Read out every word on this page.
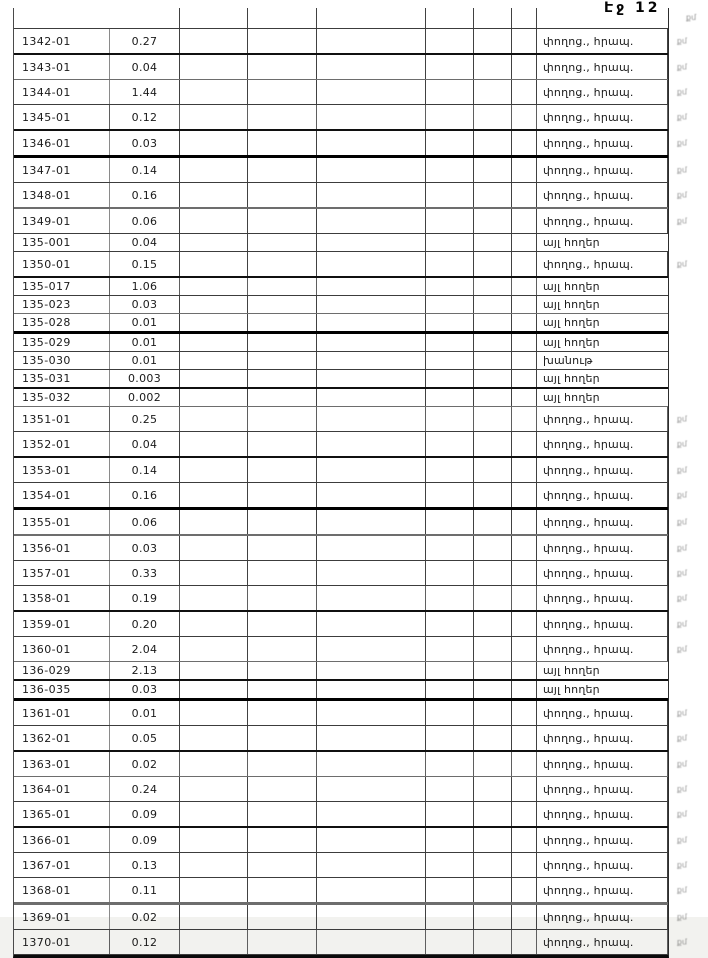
Էջ 12
քմ
1342-01	0.27	փողոց., հրապ.	քմ
1343-01	0.04	փողոց., հրապ.	քմ
1344-01	1.44	փողոց., հրապ.	քմ
1345-01	0.12	փողոց., հրապ.	քմ
1346-01	0.03	փողոց., հրապ.	քմ
1347-01	0.14	փողոց., հրապ.	քմ
1348-01	0.16	փողոց., հրապ.	քմ
1349-01	0.06	փողոց., հրապ.	քմ
135-001	0.04	այլ հողեր
1350-01	0.15	փողոց., հրապ.	քմ
135-017	1.06	այլ հողեր
135-023	0.03	այլ հողեր
135-028	0.01	այլ հողեր
135-029	0.01	այլ հողեր
135-030	0.01	խանութ
135-031	0.003	այլ հողեր
135-032	0.002	այլ հողեր
1351-01	0.25	փողոց., հրապ.	քմ
1352-01	0.04	փողոց., հրապ.	քմ
1353-01	0.14	փողոց., հրապ.	քմ
1354-01	0.16	փողոց., հրապ.	քմ
1355-01	0.06	փողոց., հրապ.	քմ
1356-01	0.03	փողոց., հրապ.	քմ
1357-01	0.33	փողոց., հրապ.	քմ
1358-01	0.19	փողոց., հրապ.	քմ
1359-01	0.20	փողոց., հրապ.	քմ
1360-01	2.04	փողոց., հրապ.	քմ
136-029	2.13	այլ հողեր
136-035	0.03	այլ հողեր
1361-01	0.01	փողոց., հրապ.	քմ
1362-01	0.05	փողոց., հրապ.	քմ
1363-01	0.02	փողոց., հրապ.	քմ
1364-01	0.24	փողոց., հրապ.	քմ
1365-01	0.09	փողոց., հրապ.	քմ
1366-01	0.09	փողոց., հրապ.	քմ
1367-01	0.13	փողոց., հրապ.	քմ
1368-01	0.11	փողոց., հրապ.	քմ
1369-01	0.02	փողոց., հրապ.	քմ
1370-01	0.12	փողոց., հրապ.	քմ
